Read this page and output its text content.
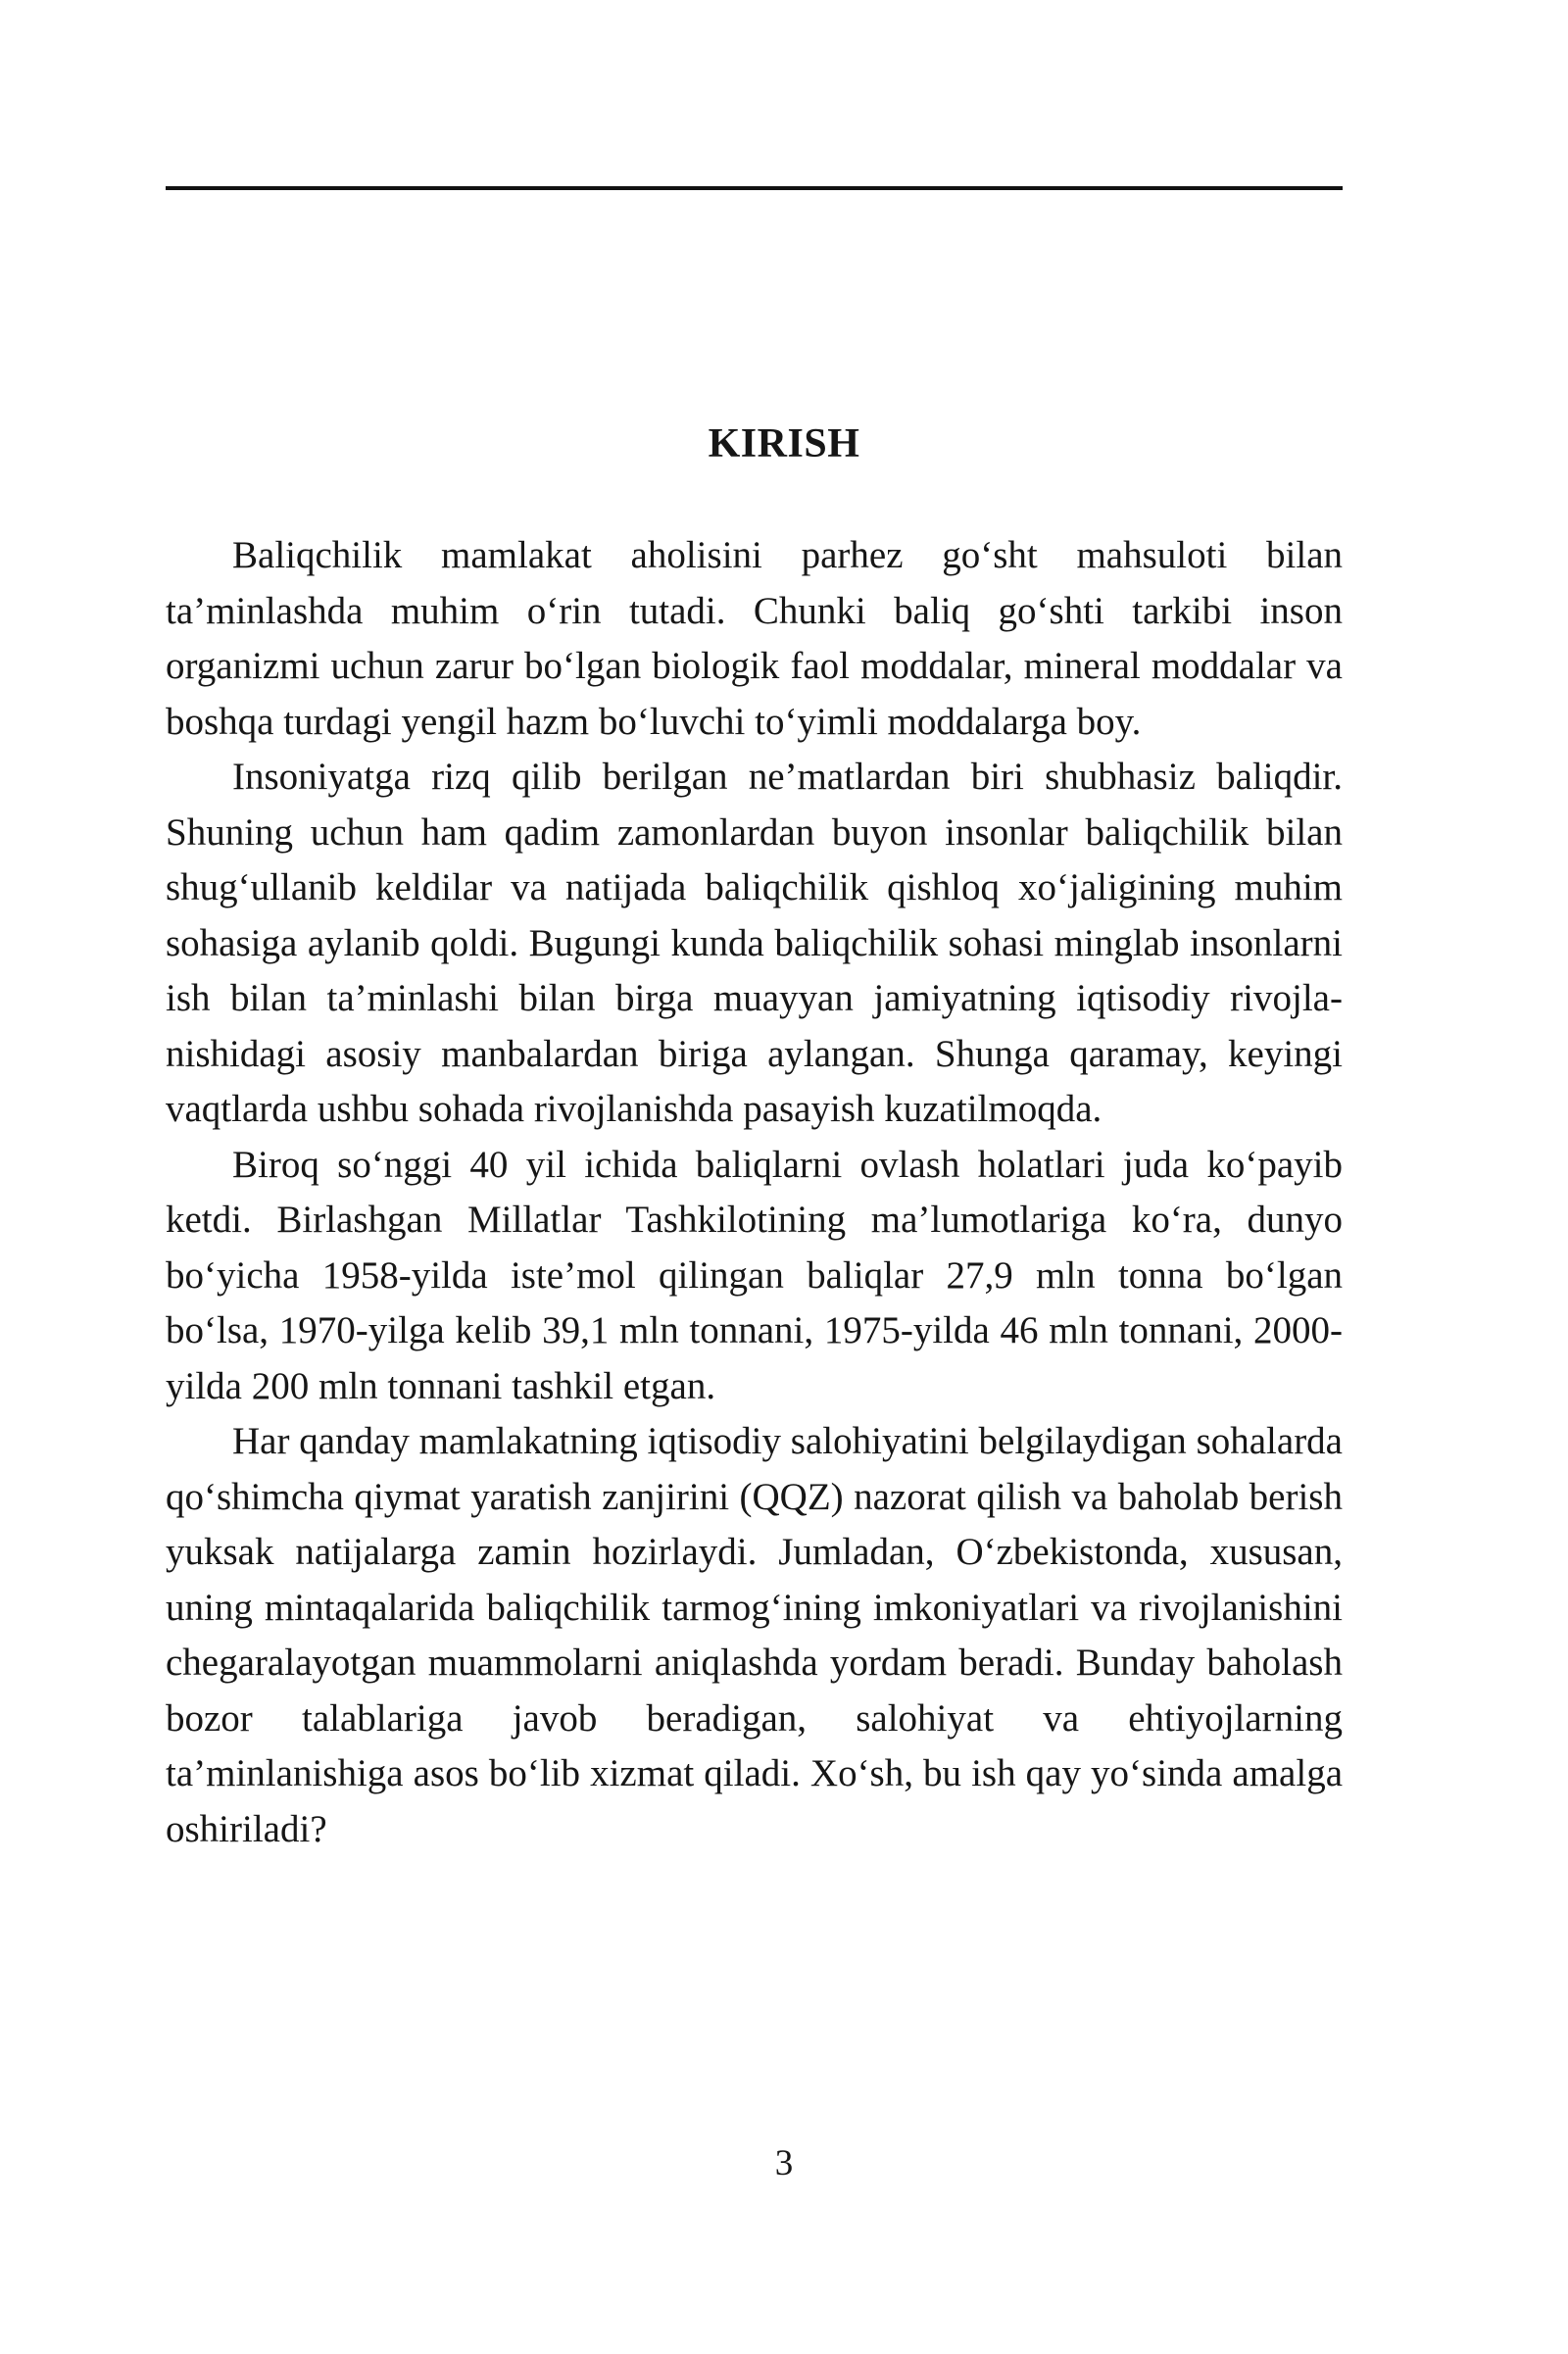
KIRISH

Baliqchilik mamlakat aholisini parhez go‘sht mahsuloti bilan ta’minlashda muhim o‘rin tutadi. Chunki baliq go‘shti tarkibi inson organizmi uchun zarur bo‘lgan biologik faol moddalar, mineral moddalar va boshqa turdagi yengil hazm bo‘luvchi to‘yimli moddalarga boy.

Insoniyatga rizq qilib berilgan ne’matlardan biri shubhasiz baliqdir. Shuning uchun ham qadim zamonlardan buyon insonlar baliqchilik bilan shug‘ullanib keldilar va natijada baliqchilik qishloq xo‘jaligining muhim sohasiga aylanib qoldi. Bugungi kunda baliqchilik sohasi minglab insonlarni ish bilan ta’minlashi bilan birga muayyan jamiyatning iqtisodiy rivojlanishidagi asosiy manbalardan biriga aylangan. Shunga qaramay, keyingi vaqtlarda ushbu sohada rivojlanishda pasayish kuzatilmoqda.

Biroq so‘nggi 40 yil ichida baliqlarni ovlash holatlari juda ko‘payib ketdi. Birlashgan Millatlar Tashkilotining ma’lumotlariga ko‘ra, dunyo bo‘yicha 1958-yilda iste’mol qilingan baliqlar 27,9 mln tonna bo‘lgan bo‘lsa, 1970-yilga kelib 39,1 mln tonnani, 1975-yilda 46 mln tonnani, 2000-yilda 200 mln tonnani tashkil etgan.

Har qanday mamlakatning iqtisodiy salohiyatini belgilaydigan sohalarda qo‘shimcha qiymat yaratish zanjirini (QQZ) nazorat qilish va baholab berish yuksak natijalarga zamin hozirlaydi. Jumladan, O‘zbekistonda, xususan, uning mintaqalarida baliqchilik tarmog‘ining imkoniyatlari va rivojlanishini chegaralayotgan muammolarni aniqlashda yordam beradi. Bunday baholash bozor talablariga javob beradigan, salohiyat va ehtiyojlarning ta’minlanishiga asos bo‘lib xizmat qiladi. Xo‘sh, bu ish qay yo‘sinda amalga oshiriladi?

3
